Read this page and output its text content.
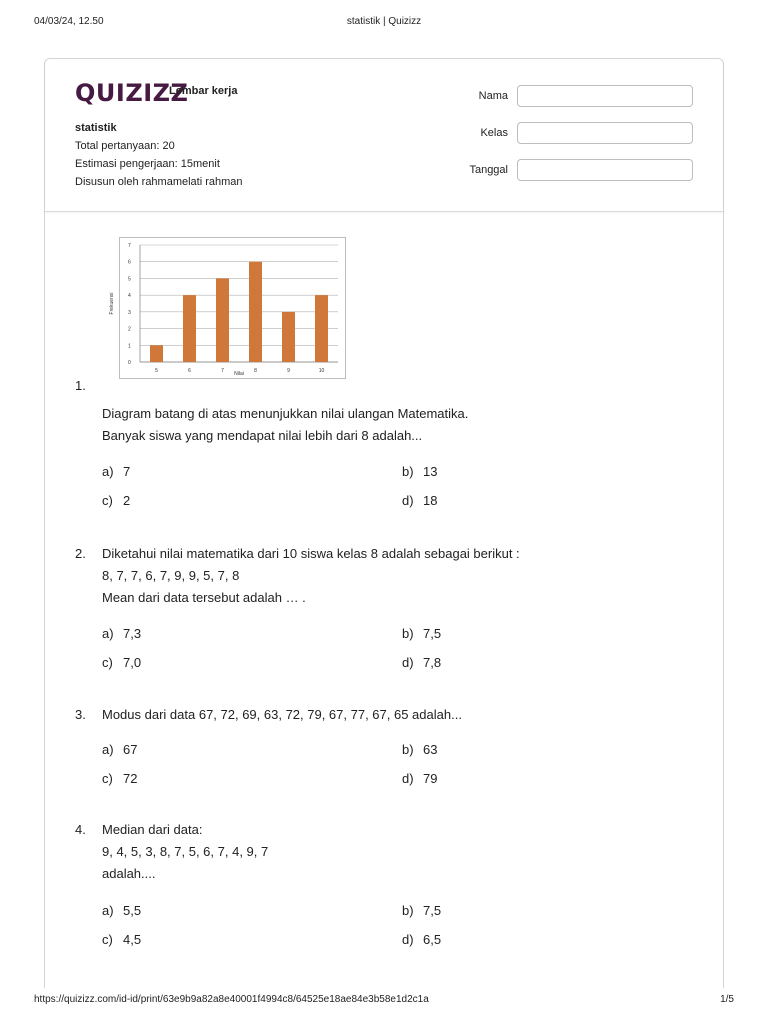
04/03/24, 12.50	statistik | Quizizz
QUIZIZZ
Lembar kerja
statistik
Total pertanyaan: 20
Estimasi pengerjaan: 15menit
Disusun oleh rahmamelati rahman
Nama
Kelas
Tanggal
0
1
2
3
4
5
6
7
5	6	7	8	9	10
Nilai
Frekuensi
1.
Diagram batang di atas menunjukkan nilai ulangan Matematika.
Banyak siswa yang mendapat nilai lebih dari 8 adalah...
a) 7	b) 13
c) 2	d) 18
2. Diketahui nilai matematika dari 10 siswa kelas 8 adalah sebagai berikut :
8, 7, 7, 6, 7, 9, 9, 5, 7, 8
Mean dari data tersebut adalah … .
a) 7,3	b) 7,5
c) 7,0	d) 7,8
3. Modus dari data 67, 72, 69, 63, 72, 79, 67, 77, 67, 65 adalah...
a) 67	b) 63
c) 72	d) 79
4. Median dari data:
9, 4, 5, 3, 8, 7, 5, 6, 7, 4, 9, 7
adalah....
a) 5,5	b) 7,5
c) 4,5	d) 6,5
https://quizizz.com/id-id/print/63e9b9a82a8e40001f4994c8/64525e18ae84e3b58e1d2c1a	1/5
